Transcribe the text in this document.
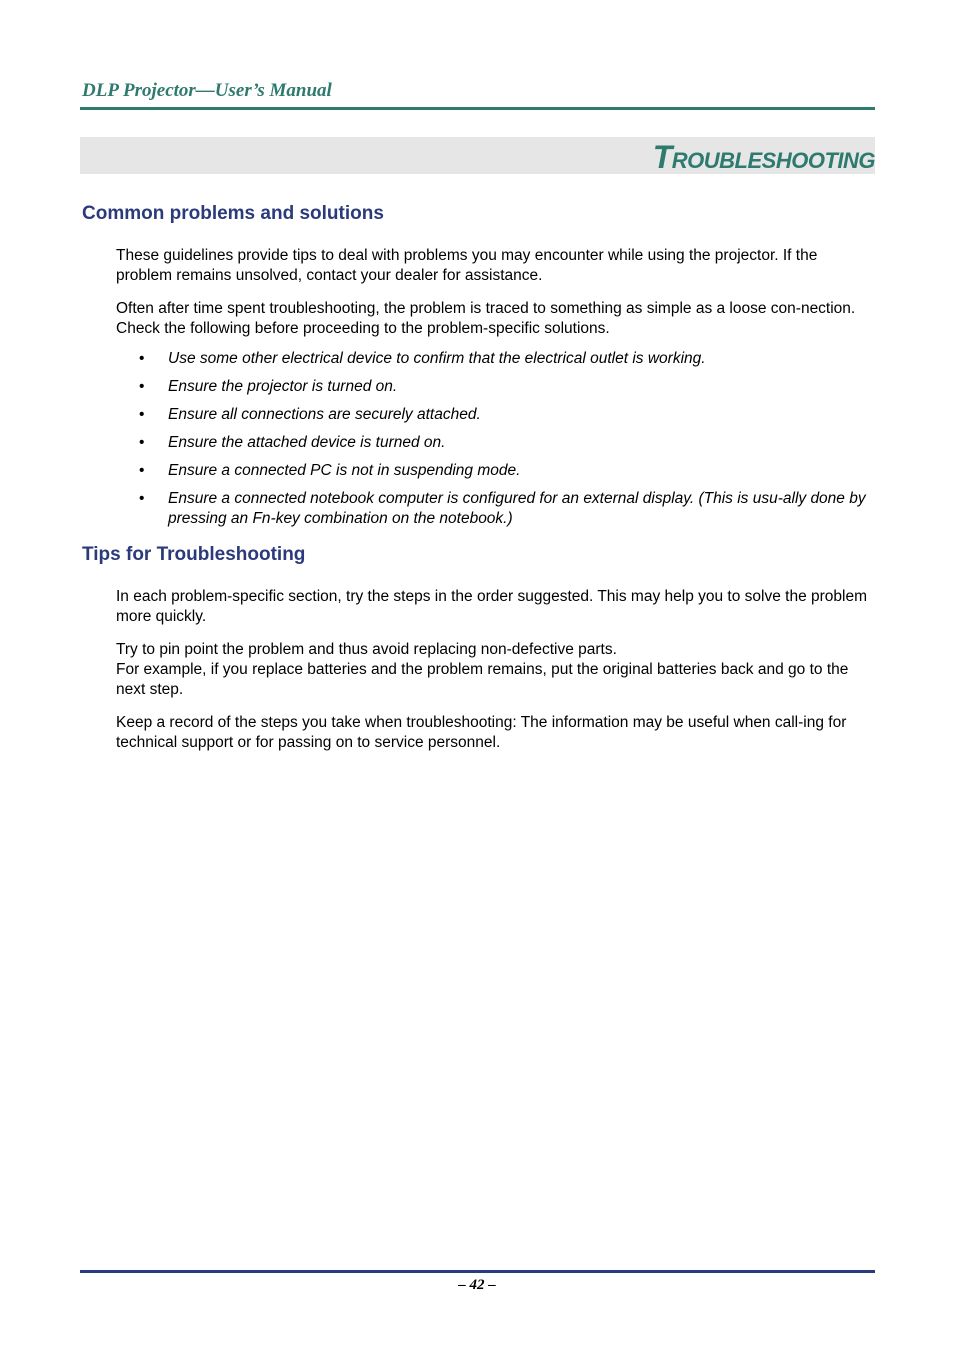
DLP Projector—User’s Manual
Troubleshooting
Common problems and solutions

These guidelines provide tips to deal with problems you may encounter while using the projector. If the problem remains unsolved, contact your dealer for assistance.

Often after time spent troubleshooting, the problem is traced to something as simple as a loose con-nection. Check the following before proceeding to the problem-specific solutions.

• Use some other electrical device to confirm that the electrical outlet is working.
• Ensure the projector is turned on.
• Ensure all connections are securely attached.
• Ensure the attached device is turned on.
• Ensure a connected PC is not in suspending mode.
• Ensure a connected notebook computer is configured for an external display. (This is usu-ally done by pressing an Fn-key combination on the notebook.)
Tips for Troubleshooting

In each problem-specific section, try the steps in the order suggested. This may help you to solve the problem more quickly.

Try to pin point the problem and thus avoid replacing non-defective parts.

For example, if you replace batteries and the problem remains, put the original batteries back and go to the next step.

Keep a record of the steps you take when troubleshooting: The information may be useful when call-ing for technical support or for passing on to service personnel.

– 42 –
